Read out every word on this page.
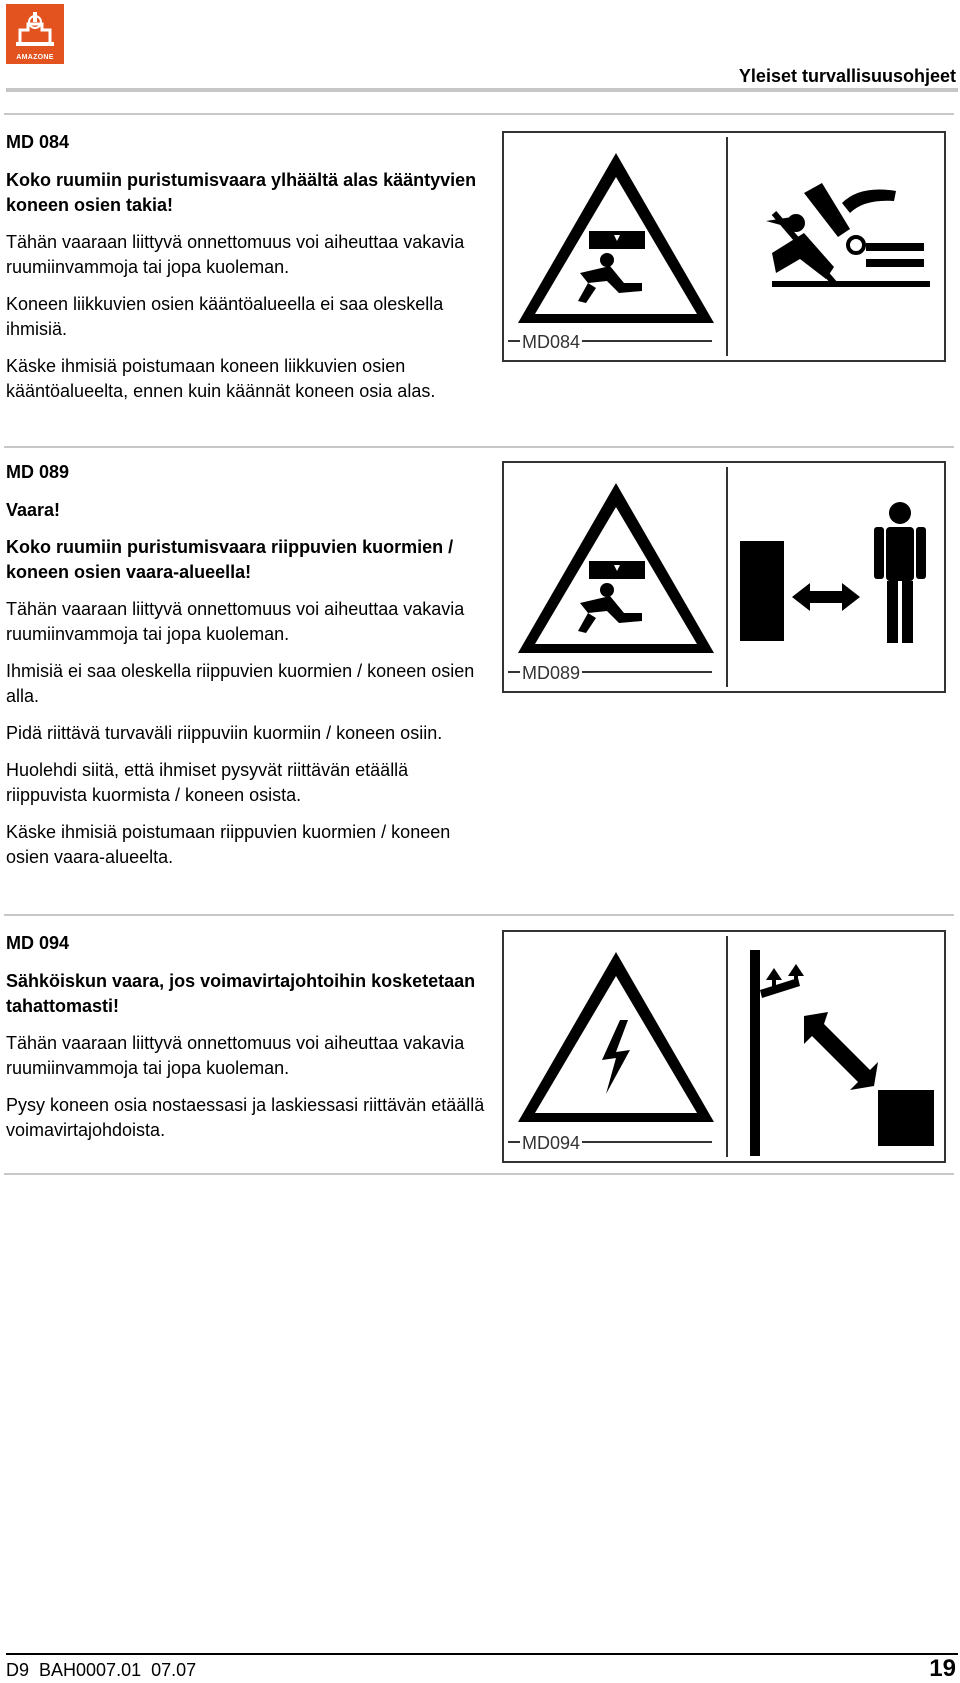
AMAZONE
Yleiset turvallisuusohjeet

MD 084

Koko ruumiin puristumisvaara ylhäältä alas kääntyvien koneen osien takia!

Tähän vaaraan liittyvä onnettomuus voi aiheuttaa vakavia ruumiinvammoja tai jopa kuoleman.

Koneen liikkuvien osien kääntöalueella ei saa oleskella ihmisiä.

Käske ihmisiä poistumaan koneen liikkuvien osien kääntöalueelta, ennen kuin käännät koneen osia alas.

MD084

MD 089

Vaara!

Koko ruumiin puristumisvaara riippuvien kuormien / koneen osien vaara-alueella!

Tähän vaaraan liittyvä onnettomuus voi aiheuttaa vakavia ruumiinvammoja tai jopa kuoleman.

Ihmisiä ei saa oleskella riippuvien kuormien / koneen osien alla.

Pidä riittävä turvaväli riippuviin kuormiin / koneen osiin.

Huolehdi siitä, että ihmiset pysyvät riittävän etäällä riippuvista kuormista / koneen osista.

Käske ihmisiä poistumaan riippuvien kuormien / koneen osien vaara-alueelta.

MD089

MD 094

Sähköiskun vaara, jos voimavirtajohtoihin kosketetaan tahattomasti!

Tähän vaaraan liittyvä onnettomuus voi aiheuttaa vakavia ruumiinvammoja tai jopa kuoleman.

Pysy koneen osia nostaessasi ja laskiessasi riittävän etäällä voimavirtajohdoista.

MD094
D9  BAH0007.01  07.07	19
